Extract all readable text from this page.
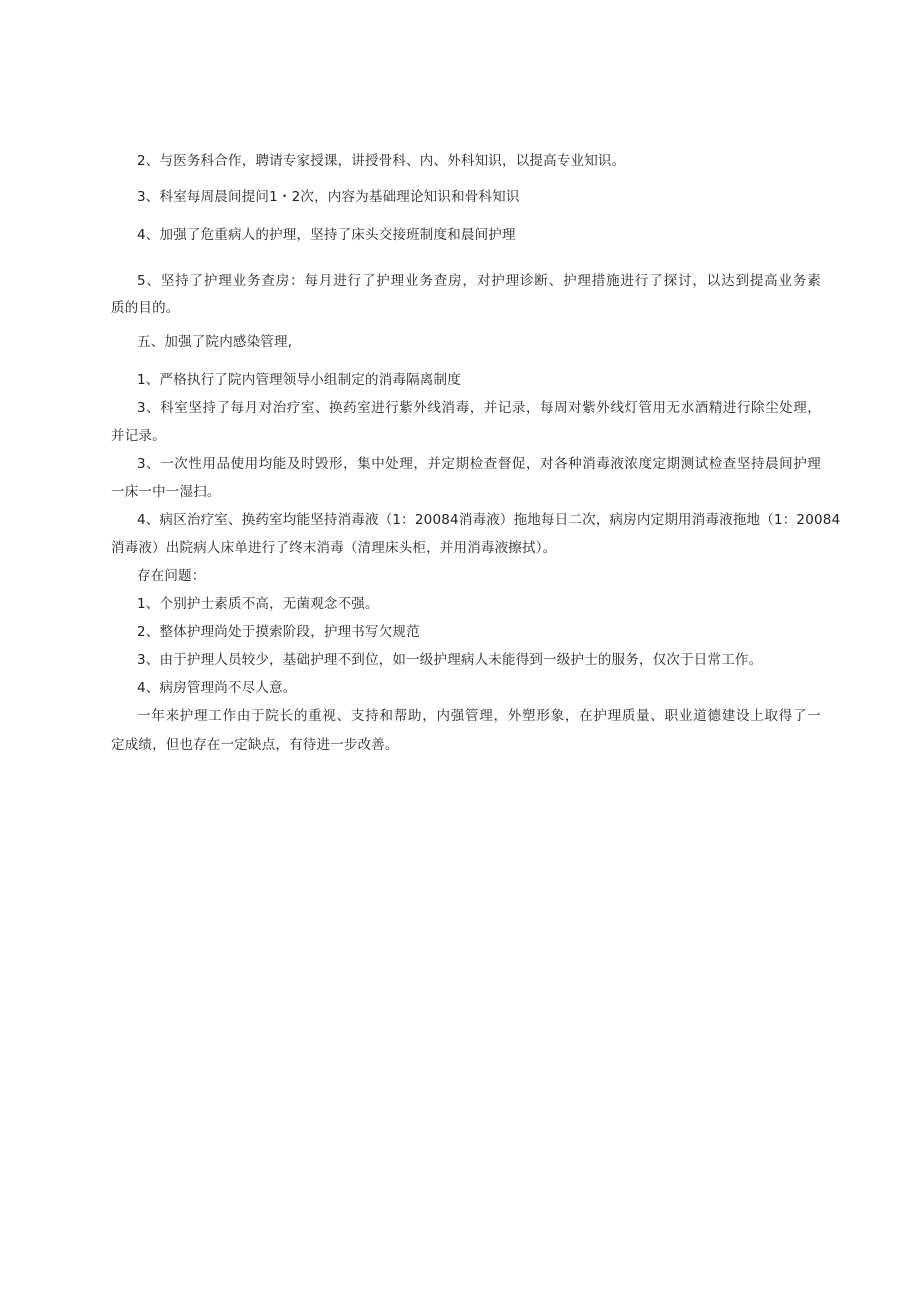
2、与医务科合作，聘请专家授课，讲授骨科、内、外科知识，以提高专业知识。
3、科室每周晨间提问1・2次，内容为基础理论知识和骨科知识
4、加强了危重病人的护理，坚持了床头交接班制度和晨间护理
5、坚持了护理业务查房：每月进行了护理业务查房，对护理诊断、护理措施进行了探讨，以达到提高业务素
质的目的。
五、加强了院内感染管理,
1、严格执行了院内管理领导小组制定的消毒隔离制度
3、科室坚持了每月对治疗室、换药室进行紫外线消毒，并记录，每周对紫外线灯管用无水酒精进行除尘处理，
并记录。
3、一次性用品使用均能及时毁形，集中处理，并定期检查督促，对各种消毒液浓度定期测试检查坚持晨间护理
一床一中一湿扫。
4、病区治疗室、换药室均能坚持消毒液（1：20084消毒液）拖地每日二次，病房内定期用消毒液拖地（1：20084
消毒液）出院病人床单进行了终末消毒（清理床头柜，并用消毒液擦拭）。
存在问题：
1、个别护士素质不高，无菌观念不强。
2、整体护理尚处于摸索阶段，护理书写欠规范
3、由于护理人员较少，基础护理不到位，如一级护理病人未能得到一级护士的服务，仅次于日常工作。
4、病房管理尚不尽人意。
一年来护理工作由于院长的重视、支持和帮助，内强管理，外塑形象，在护理质量、职业道德建设上取得了一
定成绩，但也存在一定缺点，有待进一步改善。
